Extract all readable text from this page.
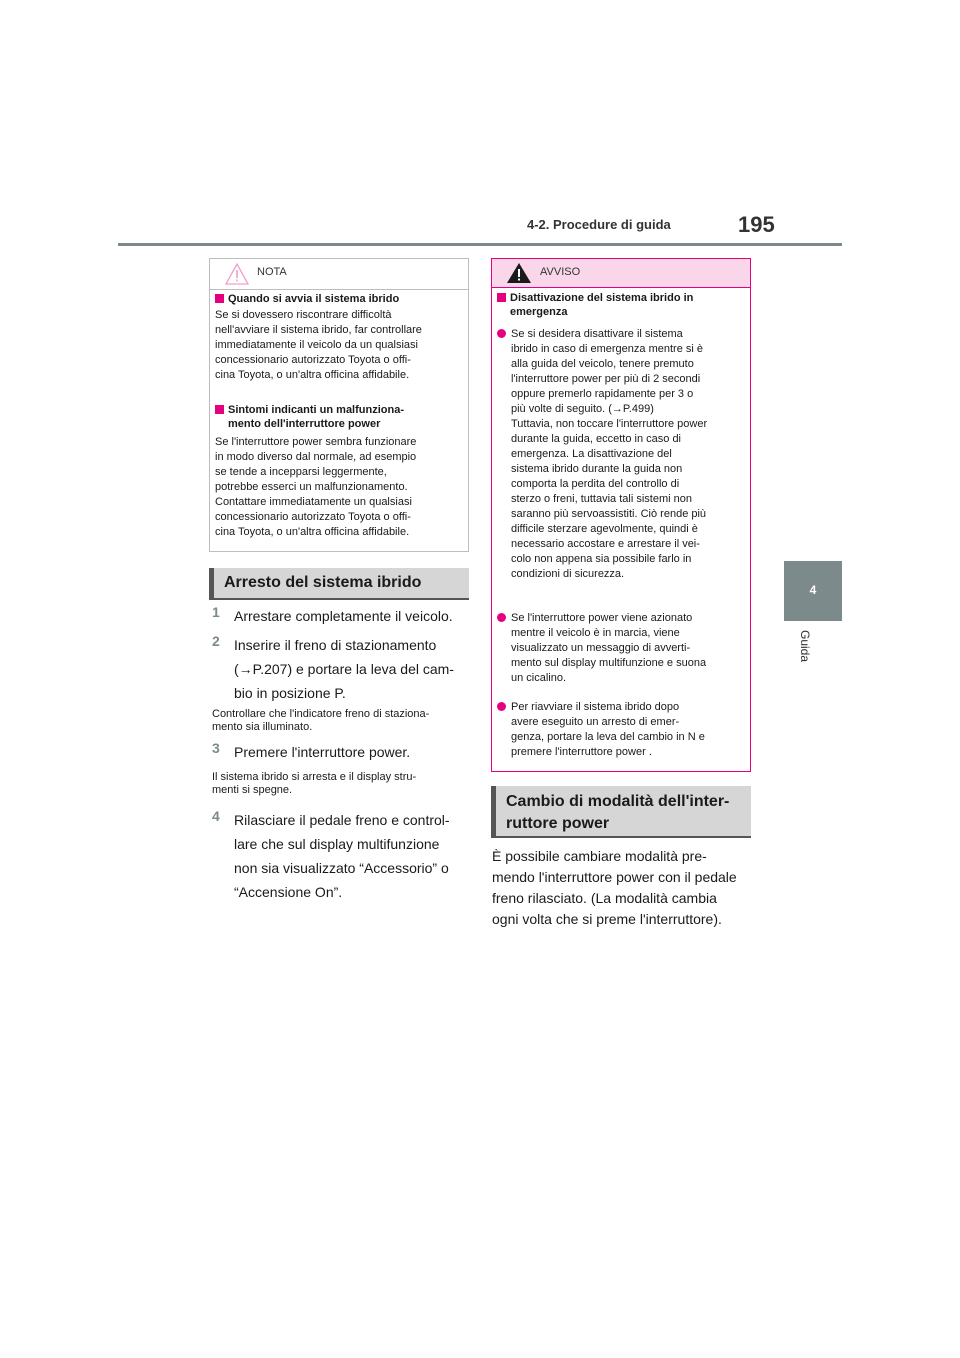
4-2. Procedure di guida	195
4
Guida
NOTA
Quando si avvia il sistema ibrido
Se si dovessero riscontrare difficoltà
nell'avviare il sistema ibrido, far controllare
immediatamente il veicolo da un qualsiasi
concessionario autorizzato Toyota o offi-
cina Toyota, o un'altra officina affidabile.
Sintomi indicanti un malfunziona-
mento dell'interruttore power
Se l'interruttore power sembra funzionare
in modo diverso dal normale, ad esempio
se tende a incepparsi leggermente,
potrebbe esserci un malfunzionamento.
Contattare immediatamente un qualsiasi
concessionario autorizzato Toyota o offi-
cina Toyota, o un'altra officina affidabile.
Arresto del sistema ibrido
1 Arrestare completamente il veicolo.
2 Inserire il freno di stazionamento
(→P.207) e portare la leva del cam-
bio in posizione P.
Controllare che l'indicatore freno di staziona-
mento sia illuminato.
3 Premere l'interruttore power.
Il sistema ibrido si arresta e il display stru-
menti si spegne.
4 Rilasciare il pedale freno e control-
lare che sul display multifunzione
non sia visualizzato “Accessorio” o
“Accensione On”.
AVVISO
Disattivazione del sistema ibrido in
emergenza
Se si desidera disattivare il sistema
ibrido in caso di emergenza mentre si è
alla guida del veicolo, tenere premuto
l'interruttore power per più di 2 secondi
oppure premerlo rapidamente per 3 o
più volte di seguito. (→P.499)
Tuttavia, non toccare l'interruttore power
durante la guida, eccetto in caso di
emergenza. La disattivazione del
sistema ibrido durante la guida non
comporta la perdita del controllo di
sterzo o freni, tuttavia tali sistemi non
saranno più servoassistiti. Ciò rende più
difficile sterzare agevolmente, quindi è
necessario accostare e arrestare il vei-
colo non appena sia possibile farlo in
condizioni di sicurezza.
Se l'interruttore power viene azionato
mentre il veicolo è in marcia, viene
visualizzato un messaggio di avverti-
mento sul display multifunzione e suona
un cicalino.
Per riavviare il sistema ibrido dopo
avere eseguito un arresto di emer-
genza, portare la leva del cambio in N e
premere l'interruttore power .
Cambio di modalità dell'inter-
ruttore power
È possibile cambiare modalità pre-
mendo l'interruttore power con il pedale
freno rilasciato. (La modalità cambia
ogni volta che si preme l'interruttore).
